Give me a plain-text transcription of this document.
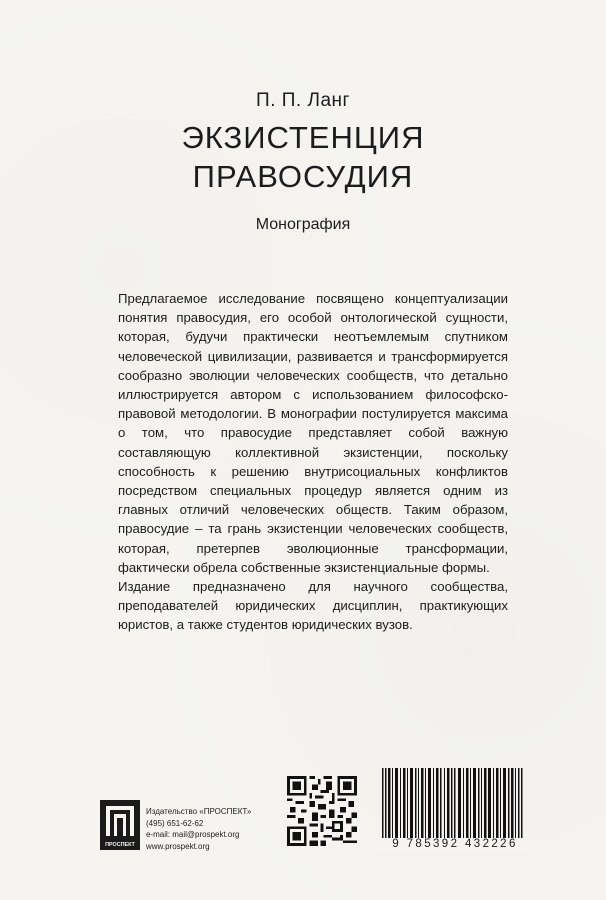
П. П. Ланг
ЭКЗИСТЕНЦИЯ
ПРАВОСУДИЯ
Монография

Предлагаемое исследование посвящено концептуализации понятия правосудия, его особой онтологической сущности, которая, будучи практически неотъемлемым спутником человеческой цивилизации, развивается и трансформируется сообразно эволюции человеческих сообществ, что детально иллюстрируется автором с использованием философско-правовой методологии. В монографии постулируется максима о том, что правосудие представляет собой важную составляющую коллективной экзистенции, поскольку способность к решению внутрисоциальных конфликтов посредством специальных процедур является одним из главных отличий человеческих обществ. Таким образом, правосудие – та грань экзистенции человеческих сообществ, которая, претерпев эволюционные трансформации, фактически обрела собственные экзистенциальные формы.

Издание предназначено для научного сообщества, преподавателей юридических дисциплин, практикующих юристов, а также студентов юридических вузов.

ПРОСПЕКТ
Издательство «ПРОСПЕКТ»
(495) 651-62-62
e-mail: mail@prospekt.org
www.prospekt.org	9 785392 432226
